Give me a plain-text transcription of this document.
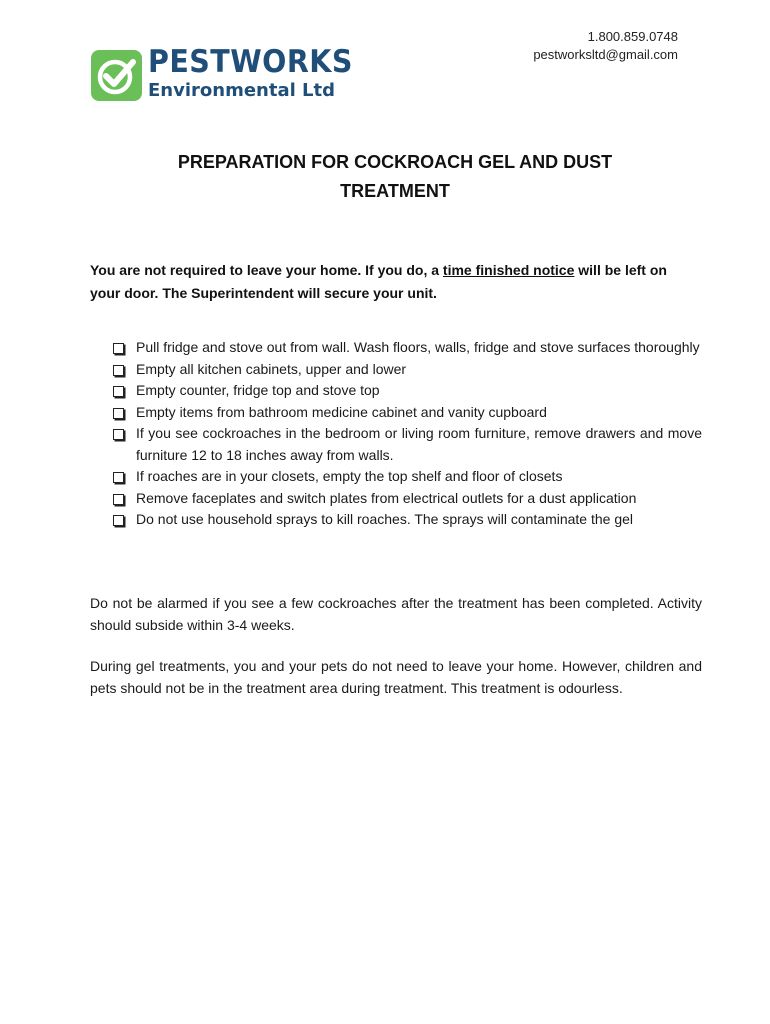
1.800.859.0748
pestworksltd@gmail.com
PESTWORKS
Environmental Ltd
PREPARATION FOR COCKROACH GEL AND DUST
TREATMENT
You are not required to leave your home. If you do, a time finished notice will be left on your door. The Superintendent will secure your unit.
Pull fridge and stove out from wall. Wash floors, walls, fridge and stove surfaces thoroughly
Empty all kitchen cabinets, upper and lower
Empty counter, fridge top and stove top
Empty items from bathroom medicine cabinet and vanity cupboard
If you see cockroaches in the bedroom or living room furniture, remove drawers and move furniture 12 to 18 inches away from walls.
If roaches are in your closets, empty the top shelf and floor of closets
Remove faceplates and switch plates from electrical outlets for a dust application
Do not use household sprays to kill roaches. The sprays will contaminate the gel
Do not be alarmed if you see a few cockroaches after the treatment has been completed. Activity should subside within 3-4 weeks.
During gel treatments, you and your pets do not need to leave your home. However, children and pets should not be in the treatment area during treatment. This treatment is odourless.
